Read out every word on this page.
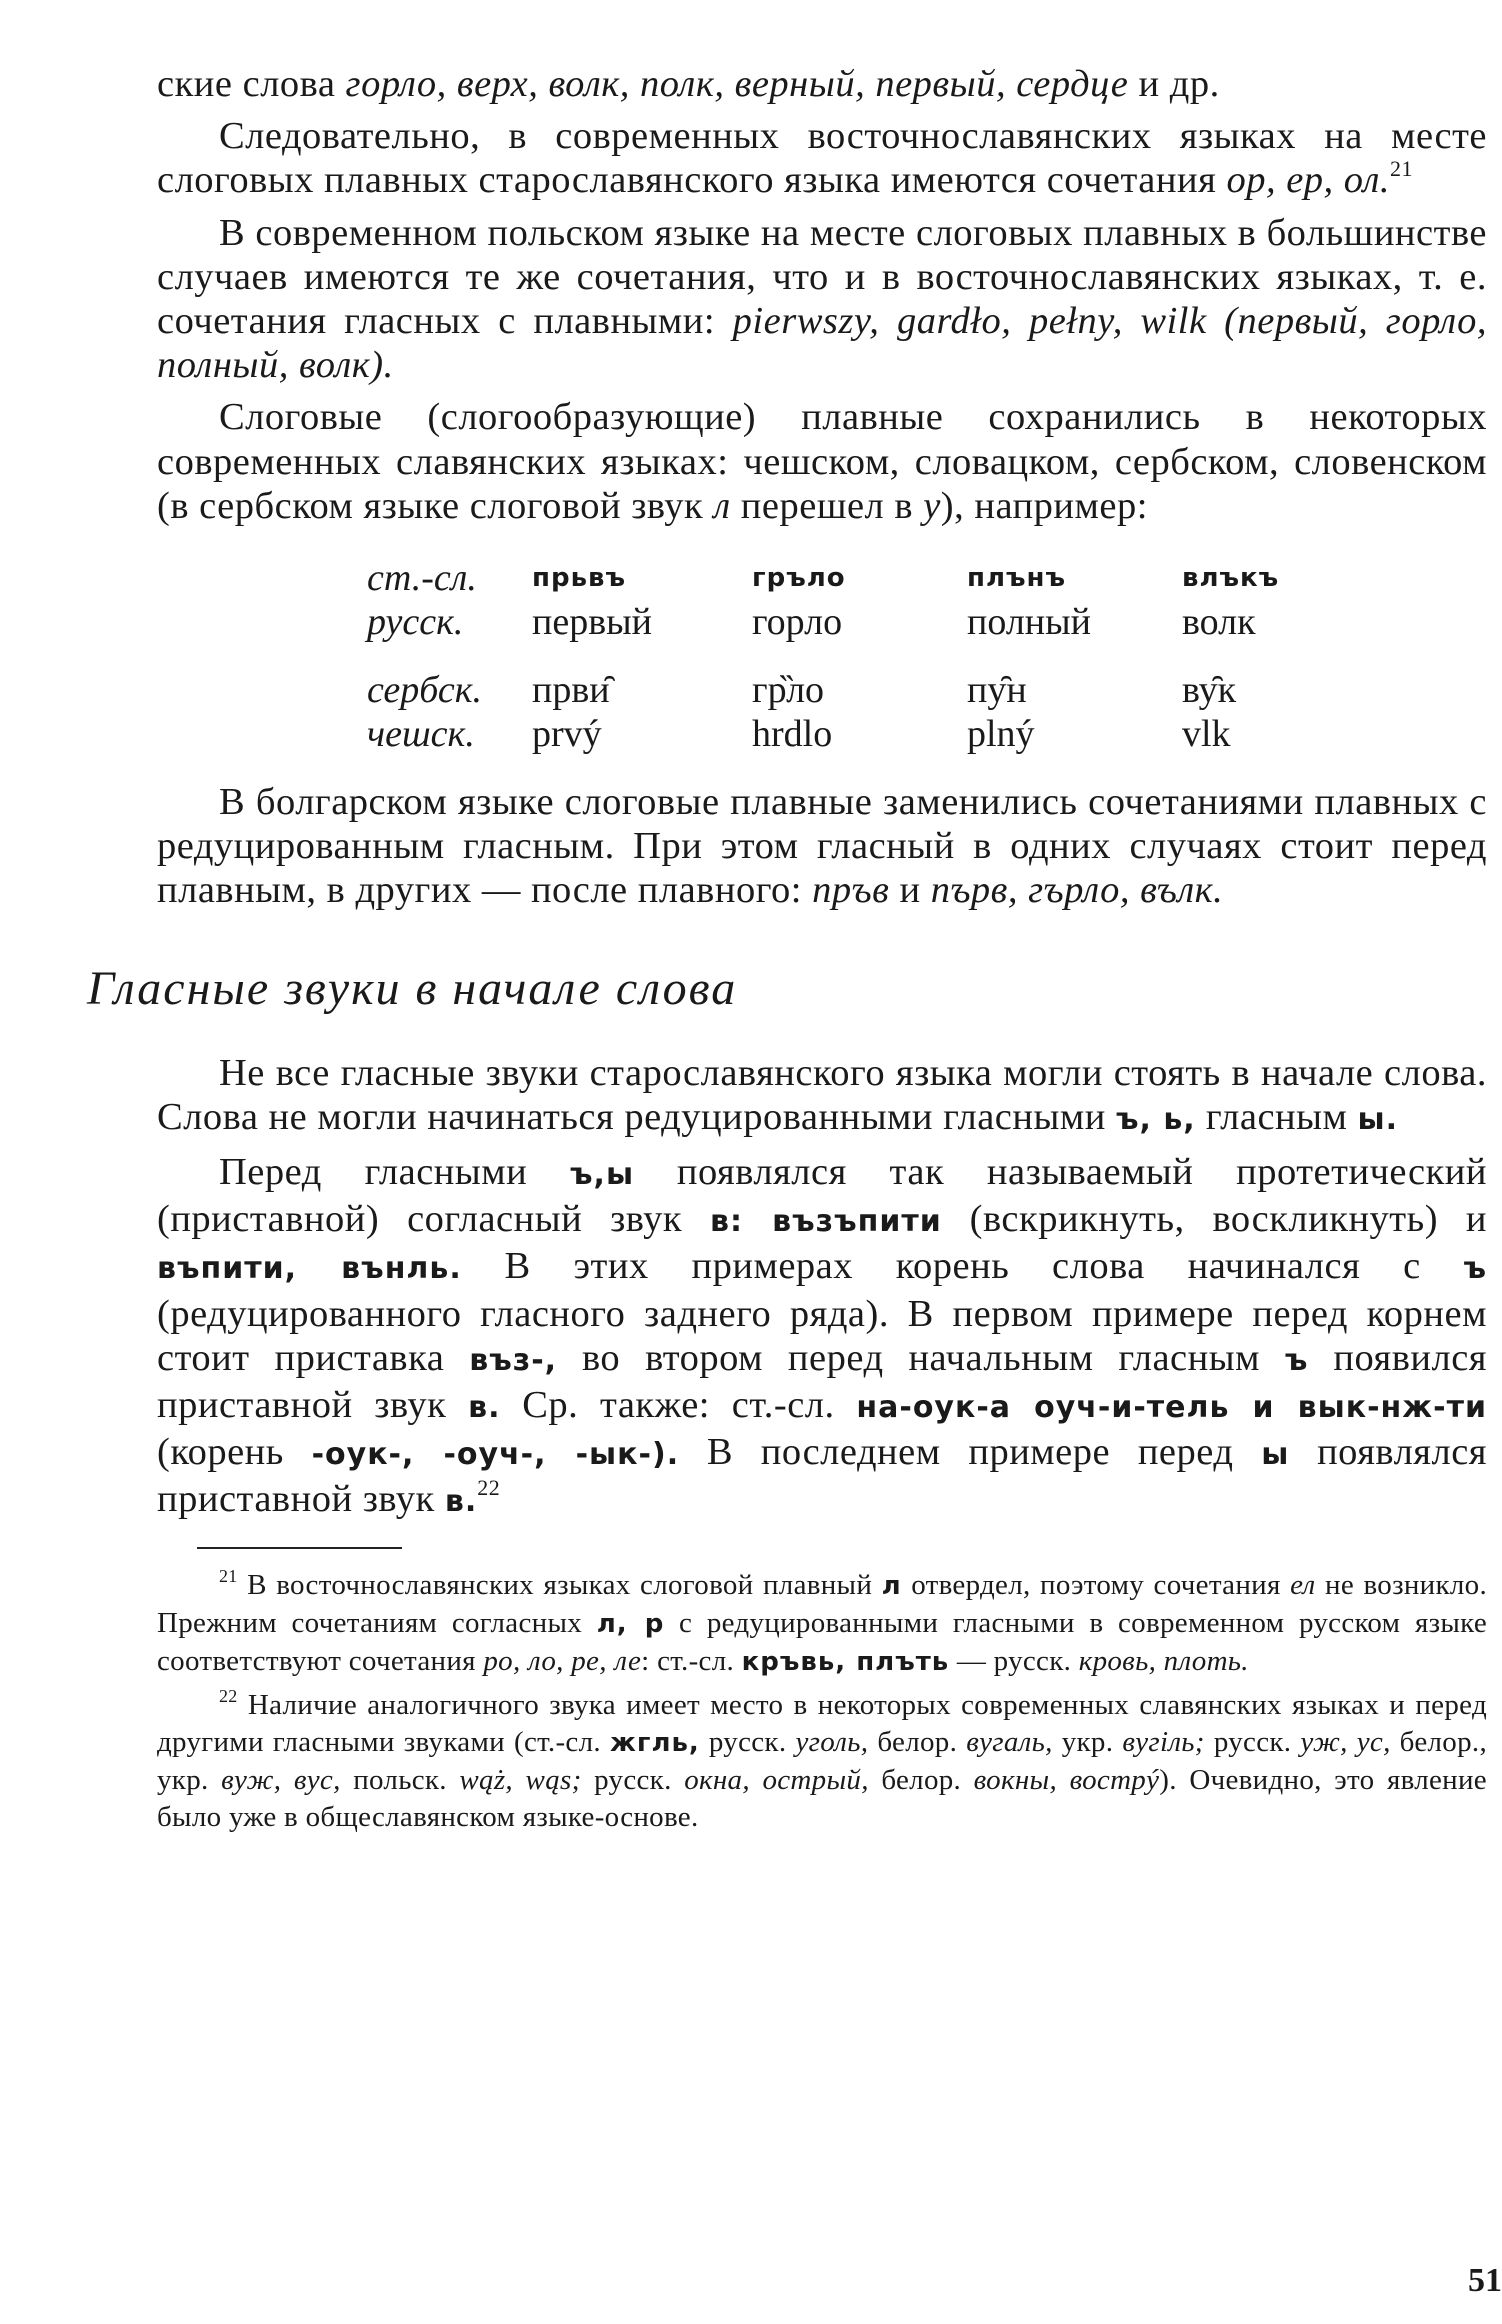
ские слова горло, верх, волк, полк, верный, первый, сердце и др.

Следовательно, в современных восточнославянских языках на месте слоговых плавных старославянского языка имеются сочетания ор, ер, ол.$^{21}$

В современном польском языке на месте слоговых плавных в большинстве случаев имеются те же сочетания, что и в восточнославянских языках, т. е. сочетания гласных с плавными: pierwszy, gardło, pełny, wilk (первый, горло, полный, волк).

Слоговые (слогообразующие) плавные сохранились в некоторых современных славянских языках: чешском, словацком, сербском, словенском (в сербском языке слоговой звук л перешел в у), например:

ст.-сл.	прьвъ	грълo	плънъ	влъкъ
русск.	первый	горло	полный	волк
сербск.	први̑	гр̏ло	пу̑н	ву̑к
чешск.	prvý	hrdlo	plný	vlk

В болгарском языке слоговые плавные заменились сочетаниями плавных с редуцированным гласным. При этом гласный в одних случаях стоит перед плавным, в других — после плавного: пръв и първ, гърло, вълк.

Гласные звуки в начале слова

Не все гласные звуки старославянского языка могли стоять в начале слова. Слова не могли начинаться редуцированными гласными ъ, ь, гласным ы.

Перед гласными ъ,ы появлялся так называемый протетический (приставной) согласный звук в: възъпити (вскрикнуть, воскликнуть) и въпити, вънль. В этих примерах корень слова начинался с ъ (редуцированного гласного заднего ряда). В первом примере перед корнем стоит приставка въз-, во втором перед начальным гласным ъ появился приставной звук в. Ср. также: ст.-сл. на-оук-а оуч-и-тель и вык-нж-ти (корень -оук-, -оуч-, -ык-). В последнем примере перед ы появлялся приставной звук в.$^{22}$

$^{21}$ В восточнославянских языках слоговой плавный л отвердел, поэтому сочетания ел не возникло. Прежним сочетаниям согласных л, р с редуцированными гласными в современном русском языке соответствуют сочетания ро, ло, ре, ле: ст.-сл. кръвь, плъть — русск. кровь, плоть.

$^{22}$ Наличие аналогичного звука имеет место в некоторых современных славянских языках и перед другими гласными звуками (ст.-сл. жгль, русск. уголь, белор. вугаль, укр. вугiль; русск. уж, ус, белор., укр. вуж, вус, польск. wąż, wąs; русск. окна, острый, белор. вокны, вострý). Очевидно, это явление было уже в общеславянском языке-основе.

51
